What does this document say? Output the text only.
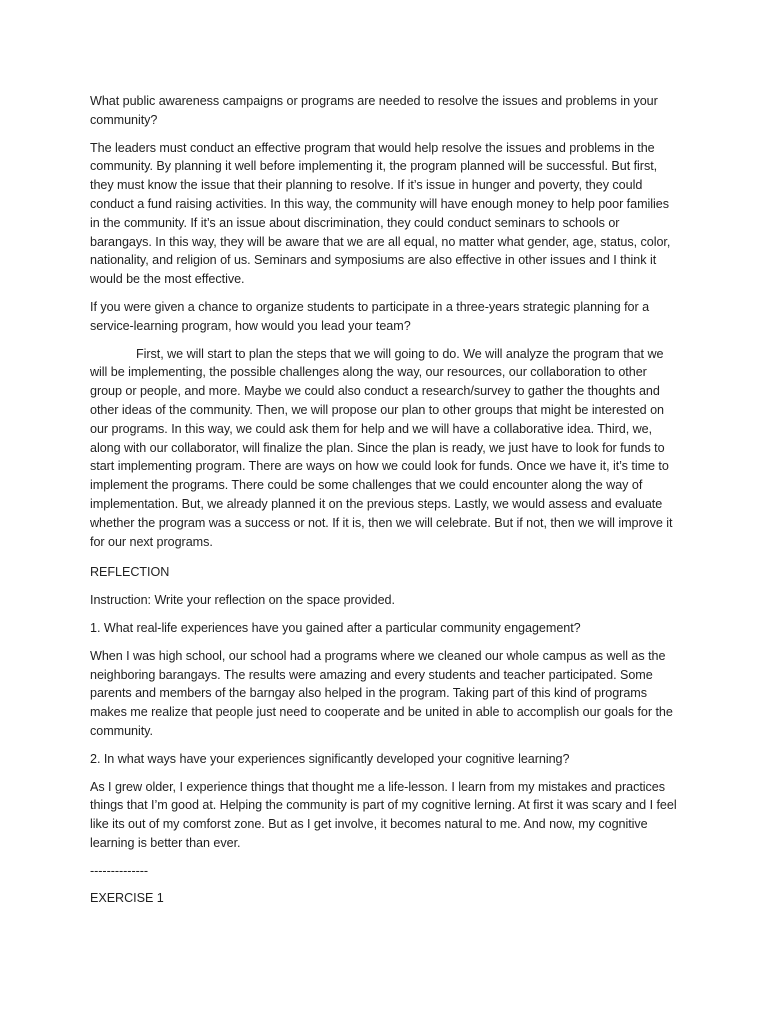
What public awareness campaigns or programs are needed to resolve the issues and problems in your community?

The leaders must conduct an effective program that would help resolve the issues and problems in the community. By planning it well before implementing it, the program planned will be successful. But first, they must know the issue that their planning to resolve. If it’s issue in hunger and poverty, they could conduct a fund raising activities. In this way, the community will have enough money to help poor families in the community. If it’s an issue about discrimination, they could conduct seminars to schools or barangays. In this way, they will be aware that we are all equal, no matter what gender, age, status, color, nationality, and religion of us. Seminars and symposiums are also effective in other issues and I think it would be the most effective.

If you were given a chance to organize students to participate in a three-years strategic planning for a service-learning program, how would you lead your team?

First, we will start to plan the steps that we will going to do. We will analyze the program that we will be implementing, the possible challenges along the way, our resources, our collaboration to other group or people, and more. Maybe we could also conduct a research/survey to gather the thoughts and other ideas of the community. Then, we will propose our plan to other groups that might be interested on our programs. In this way, we could ask them for help and we will have a collaborative idea. Third, we, along with our collaborator, will finalize the plan. Since the plan is ready, we just have to look for funds to start implementing program. There are ways on how we could look for funds. Once we have it, it’s time to implement the programs. There could be some challenges that we could encounter along the way of implementation. But, we already planned it on the previous steps. Lastly, we would assess and evaluate whether the program was a success or not. If it is, then we will celebrate. But if not, then we will improve it for our next programs.

REFLECTION

Instruction: Write your reflection on the space provided.

1. What real-life experiences have you gained after a particular community engagement?

When I was high school, our school had a programs where we cleaned our whole campus as well as the neighboring barangays. The results were amazing and every students and teacher participated. Some parents and members of the barngay also helped in the program. Taking part of this kind of programs makes me realize that people just need to cooperate and be united in able to accomplish our goals for the community.

2. In what ways have your experiences significantly developed your cognitive learning?

As I grew older, I experience things that thought me a life-lesson. I learn from my mistakes and practices things that I’m good at. Helping the community is part of my cognitive lerning. At first it was scary and I feel like its out of my comforst zone. But as I get involve, it becomes natural to me. And now, my cognitive learning is better than ever.

--------------

EXERCISE 1
